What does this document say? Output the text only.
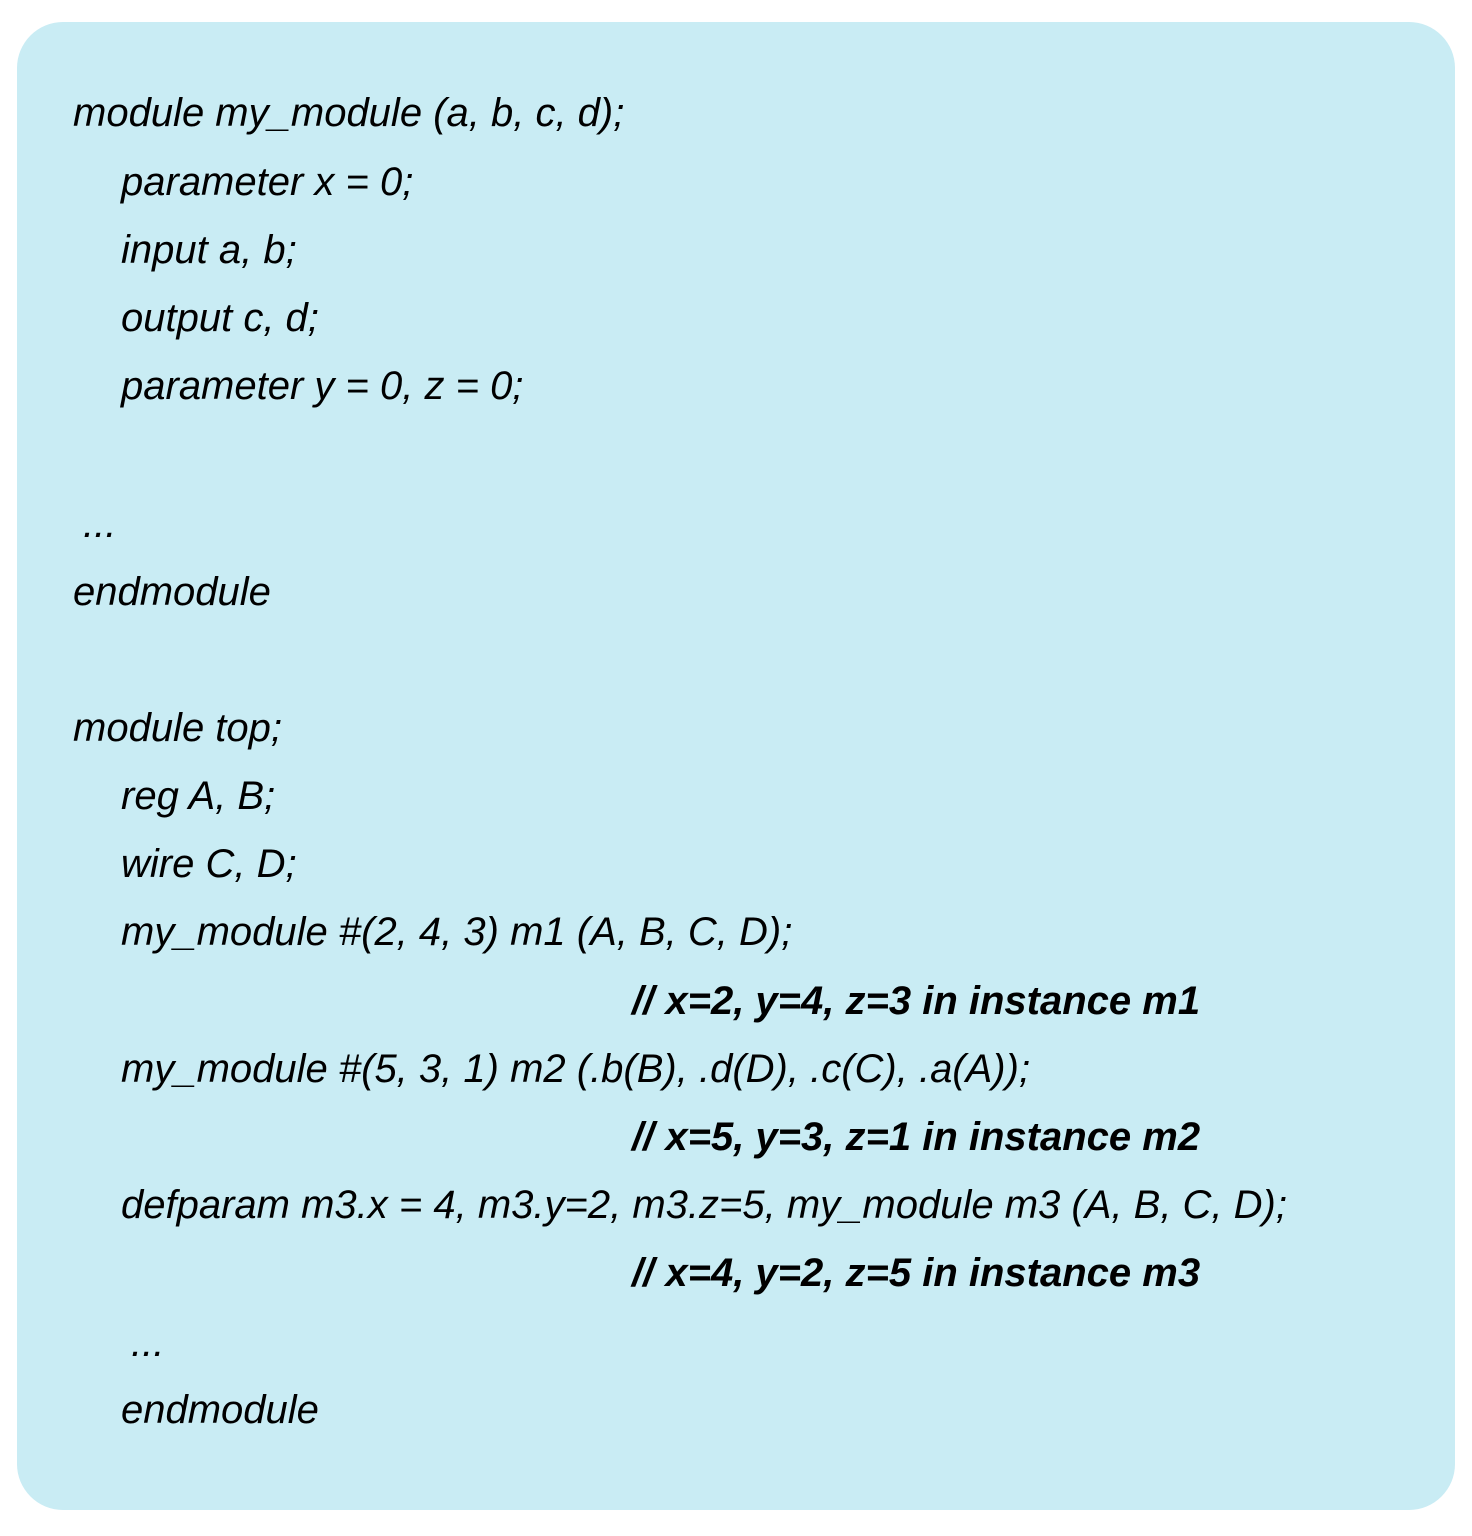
module my_module (a, b, c, d);
parameter x = 0;
input a, b;
output c, d;
parameter y = 0, z = 0;
...
endmodule
module top;
reg A, B;
wire C, D;
my_module #(2, 4, 3) m1 (A, B, C, D);
// x=2, y=4, z=3 in instance m1
my_module #(5, 3, 1) m2 (.b(B), .d(D), .c(C), .a(A));
// x=5, y=3, z=1 in instance m2
defparam m3.x = 4, m3.y=2, m3.z=5, my_module m3 (A, B, C, D);
// x=4, y=2, z=5 in instance m3
...
endmodule
